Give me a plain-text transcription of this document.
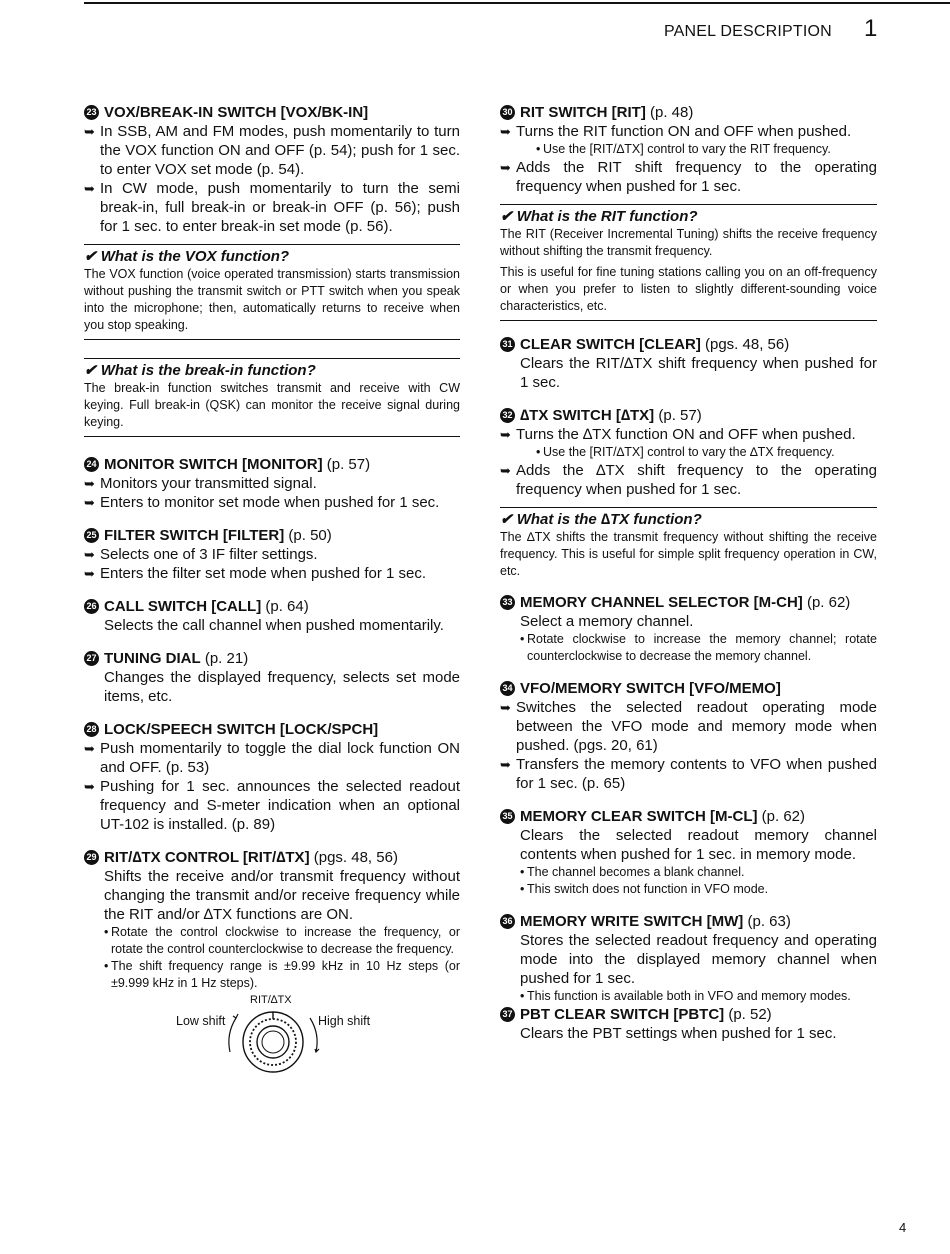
PANEL DESCRIPTION 1
23 VOX/BREAK-IN SWITCH [VOX/BK-IN]
➥ In SSB, AM and FM modes, push momentarily to turn the VOX function ON and OFF (p. 54); push for 1 sec. to enter VOX set mode (p. 54).
➥ In CW mode, push momentarily to turn the semi break-in, full break-in or break-in OFF (p. 56); push for 1 sec. to enter break-in set mode (p. 56).
✔ What is the VOX function?
The VOX function (voice operated transmission) starts transmission without pushing the transmit switch or PTT switch when you speak into the microphone; then, automatically returns to receive when you stop speaking.
✔ What is the break-in function?
The break-in function switches transmit and receive with CW keying. Full break-in (QSK) can monitor the receive signal during keying.
24 MONITOR SWITCH [MONITOR] (p. 57)
➥ Monitors your transmitted signal.
➥ Enters to monitor set mode when pushed for 1 sec.
25 FILTER SWITCH [FILTER] (p. 50)
➥ Selects one of 3 IF filter settings.
➥ Enters the filter set mode when pushed for 1 sec.
26 CALL SWITCH [CALL] (p. 64)
Selects the call channel when pushed momentarily.
27 TUNING DIAL (p. 21)
Changes the displayed frequency, selects set mode items, etc.
28 LOCK/SPEECH SWITCH [LOCK/SPCH]
➥ Push momentarily to toggle the dial lock function ON and OFF. (p. 53)
➥ Pushing for 1 sec. announces the selected readout frequency and S-meter indication when an optional UT-102 is installed. (p. 89)
29 RIT/∆TX CONTROL [RIT/∆TX] (pgs. 48, 56)
Shifts the receive and/or transmit frequency without changing the transmit and/or receive frequency while the RIT and/or ∆TX functions are ON.
• Rotate the control clockwise to increase the frequency, or rotate the control counterclockwise to decrease the frequency.
• The shift frequency range is ±9.99 kHz in 10 Hz steps (or ±9.999 kHz in 1 Hz steps).
RIT/∆TX
Low shift	High shift
30 RIT SWITCH [RIT] (p. 48)
➥ Turns the RIT function ON and OFF when pushed.
• Use the [RIT/∆TX] control to vary the RIT frequency.
➥ Adds the RIT shift frequency to the operating frequency when pushed for 1 sec.
✔ What is the RIT function?
The RIT (Receiver Incremental Tuning) shifts the receive frequency without shifting the transmit frequency.
This is useful for fine tuning stations calling you on an off-frequency or when you prefer to listen to slightly different-sounding voice characteristics, etc.
31 CLEAR SWITCH [CLEAR] (pgs. 48, 56)
Clears the RIT/∆TX shift frequency when pushed for 1 sec.
32 ∆TX SWITCH [∆TX] (p. 57)
➥ Turns the ∆TX function ON and OFF when pushed.
• Use the [RIT/∆TX] control to vary the ∆TX frequency.
➥ Adds the ∆TX shift frequency to the operating frequency when pushed for 1 sec.
✔ What is the ∆TX function?
The ∆TX shifts the transmit frequency without shifting the receive frequency. This is useful for simple split frequency operation in CW, etc.
33 MEMORY CHANNEL SELECTOR [M-CH] (p. 62)
Select a memory channel.
• Rotate clockwise to increase the memory channel; rotate counterclockwise to decrease the memory channel.
34 VFO/MEMORY SWITCH [VFO/MEMO]
➥ Switches the selected readout operating mode between the VFO mode and memory mode when pushed. (pgs. 20, 61)
➥ Transfers the memory contents to VFO when pushed for 1 sec. (p. 65)
35 MEMORY CLEAR SWITCH [M-CL] (p. 62)
Clears the selected readout memory channel contents when pushed for 1 sec. in memory mode.
• The channel becomes a blank channel.
• This switch does not function in VFO mode.
36 MEMORY WRITE SWITCH [MW] (p. 63)
Stores the selected readout frequency and operating mode into the displayed memory channel when pushed for 1 sec.
• This function is available both in VFO and memory modes.
37 PBT CLEAR SWITCH [PBTC] (p. 52)
Clears the PBT settings when pushed for 1 sec.
4
